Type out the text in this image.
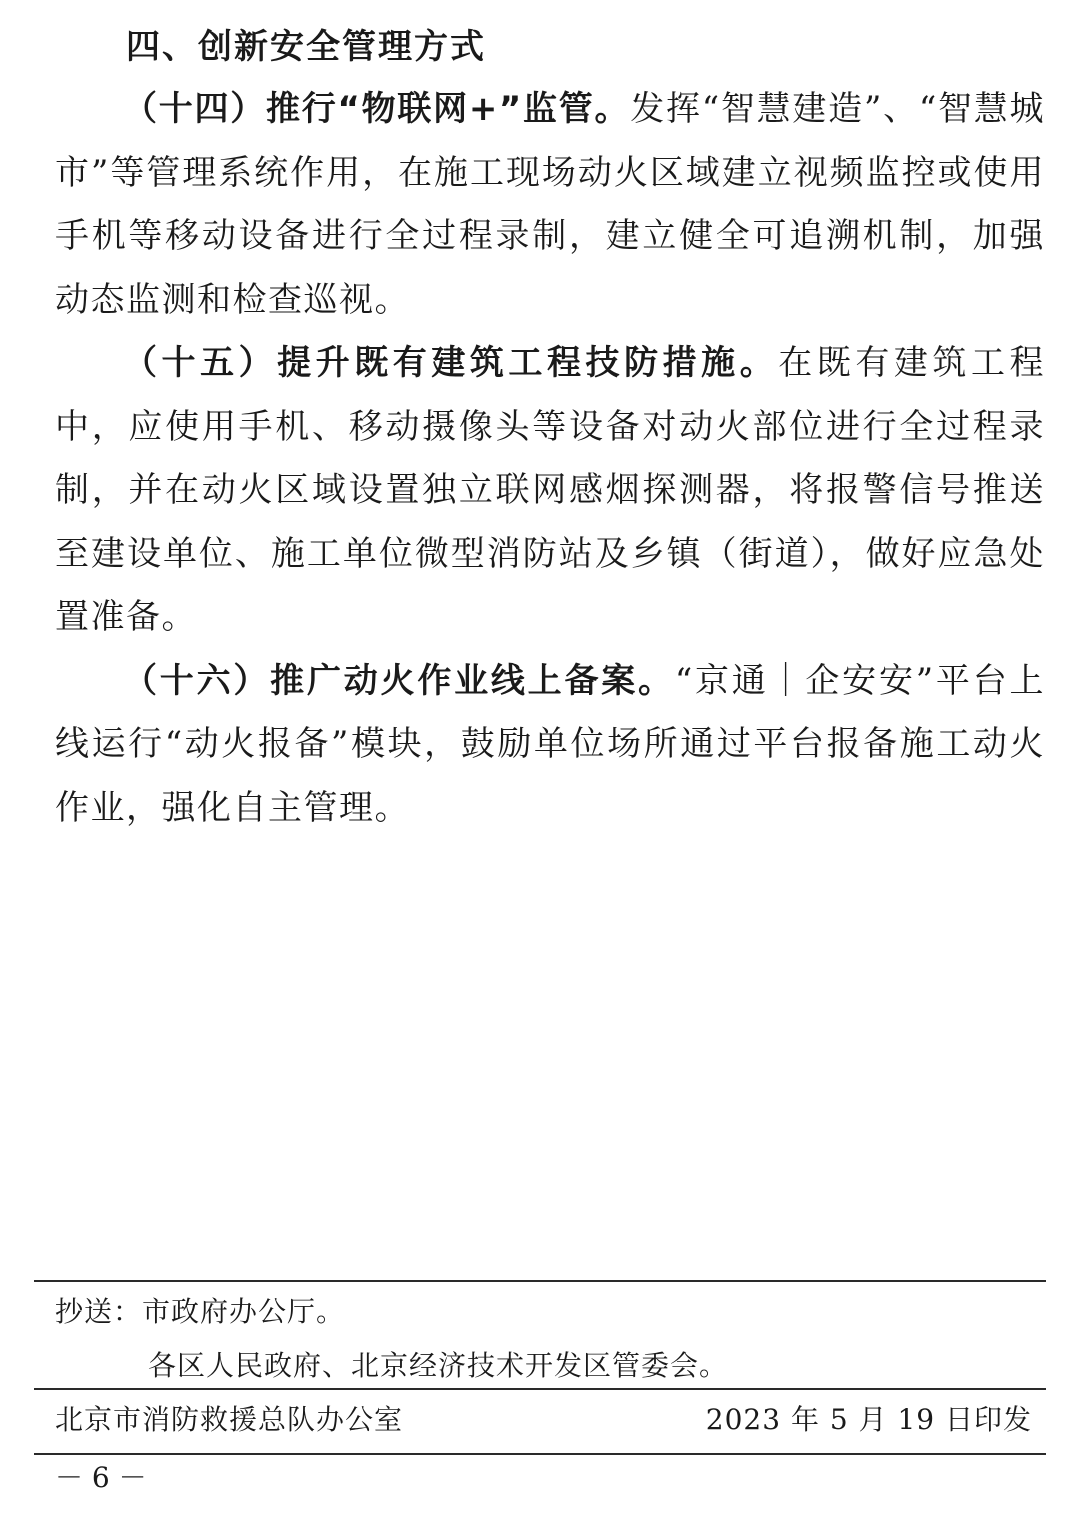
四、创新安全管理方式

（十四）推行“物联网+”监管。发挥“智慧建造”、“智慧城市”等管理系统作用，在施工现场动火区域建立视频监控或使用手机等移动设备进行全过程录制，建立健全可追溯机制，加强动态监测和检查巡视。

（十五）提升既有建筑工程技防措施。在既有建筑工程中，应使用手机、移动摄像头等设备对动火部位进行全过程录制，并在动火区域设置独立联网感烟探测器，将报警信号推送至建设单位、施工单位微型消防站及乡镇（街道），做好应急处置准备。

（十六）推广动火作业线上备案。“京通｜企安安”平台上线运行“动火报备”模块，鼓励单位场所通过平台报备施工动火作业，强化自主管理。

抄送：市政府办公厅。
各区人民政府、北京经济技术开发区管委会。
北京市消防救援总队办公室	2023 年 5 月 19 日印发
－ 6 －
